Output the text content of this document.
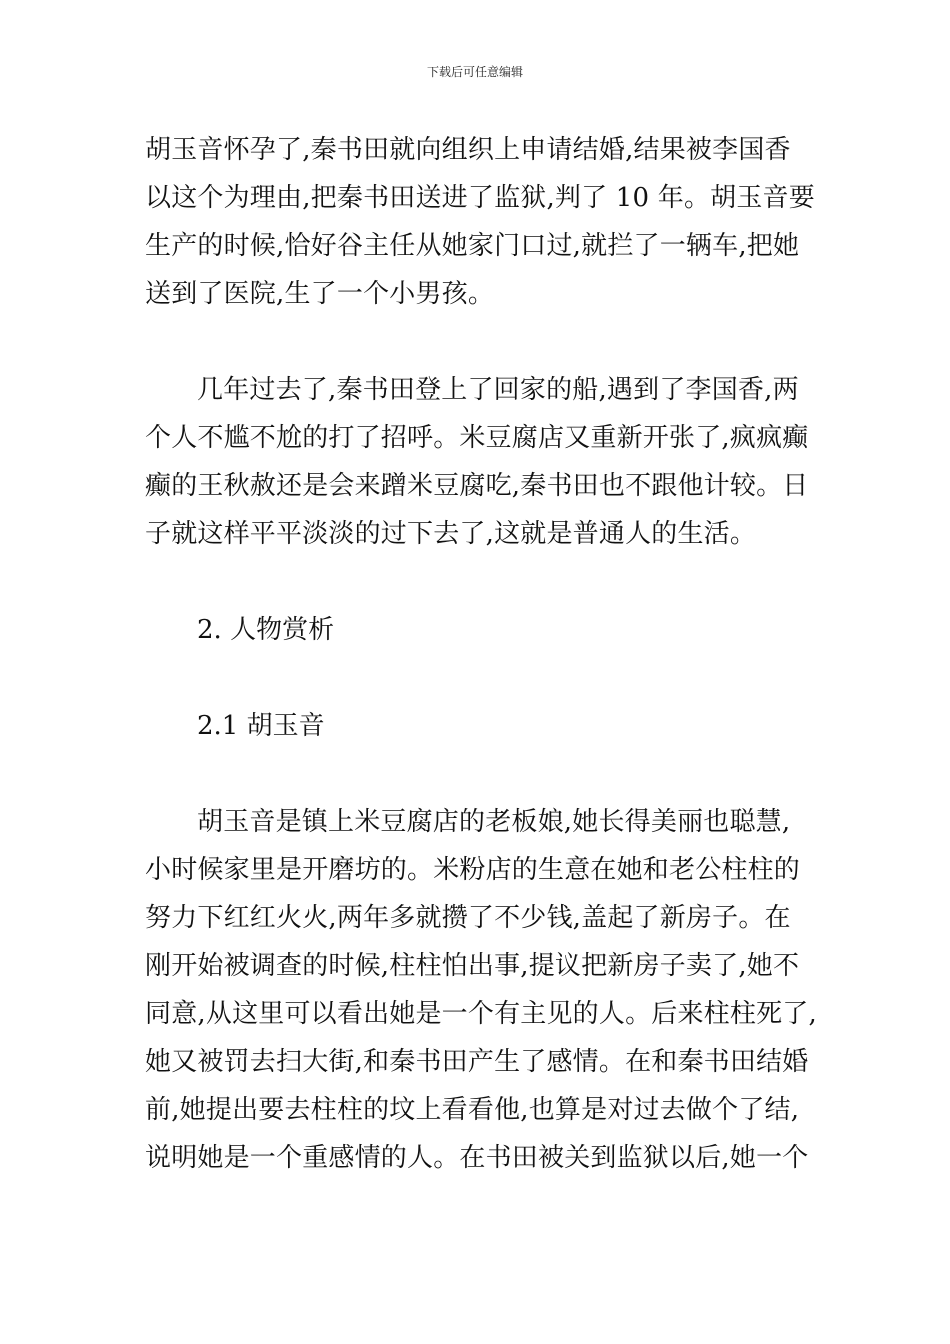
下载后可任意编辑
胡玉音怀孕了,秦书田就向组织上申请结婚,结果被李国香
以这个为理由,把秦书田送进了监狱,判了 10 年。胡玉音要
生产的时候,恰好谷主任从她家门口过,就拦了一辆车,把她
送到了医院,生了一个小男孩。
几年过去了,秦书田登上了回家的船,遇到了李国香,两
个人不尴不尬的打了招呼。米豆腐店又重新开张了,疯疯癫
癫的王秋赦还是会来蹭米豆腐吃,秦书田也不跟他计较。日
子就这样平平淡淡的过下去了,这就是普通人的生活。
2. 人物赏析
2.1 胡玉音
胡玉音是镇上米豆腐店的老板娘,她长得美丽也聪慧,
小时候家里是开磨坊的。米粉店的生意在她和老公柱柱的
努力下红红火火,两年多就攒了不少钱,盖起了新房子。在
刚开始被调查的时候,柱柱怕出事,提议把新房子卖了,她不
同意,从这里可以看出她是一个有主见的人。后来柱柱死了,
她又被罚去扫大街,和秦书田产生了感情。在和秦书田结婚
前,她提出要去柱柱的坟上看看他,也算是对过去做个了结,
说明她是一个重感情的人。在书田被关到监狱以后,她一个
